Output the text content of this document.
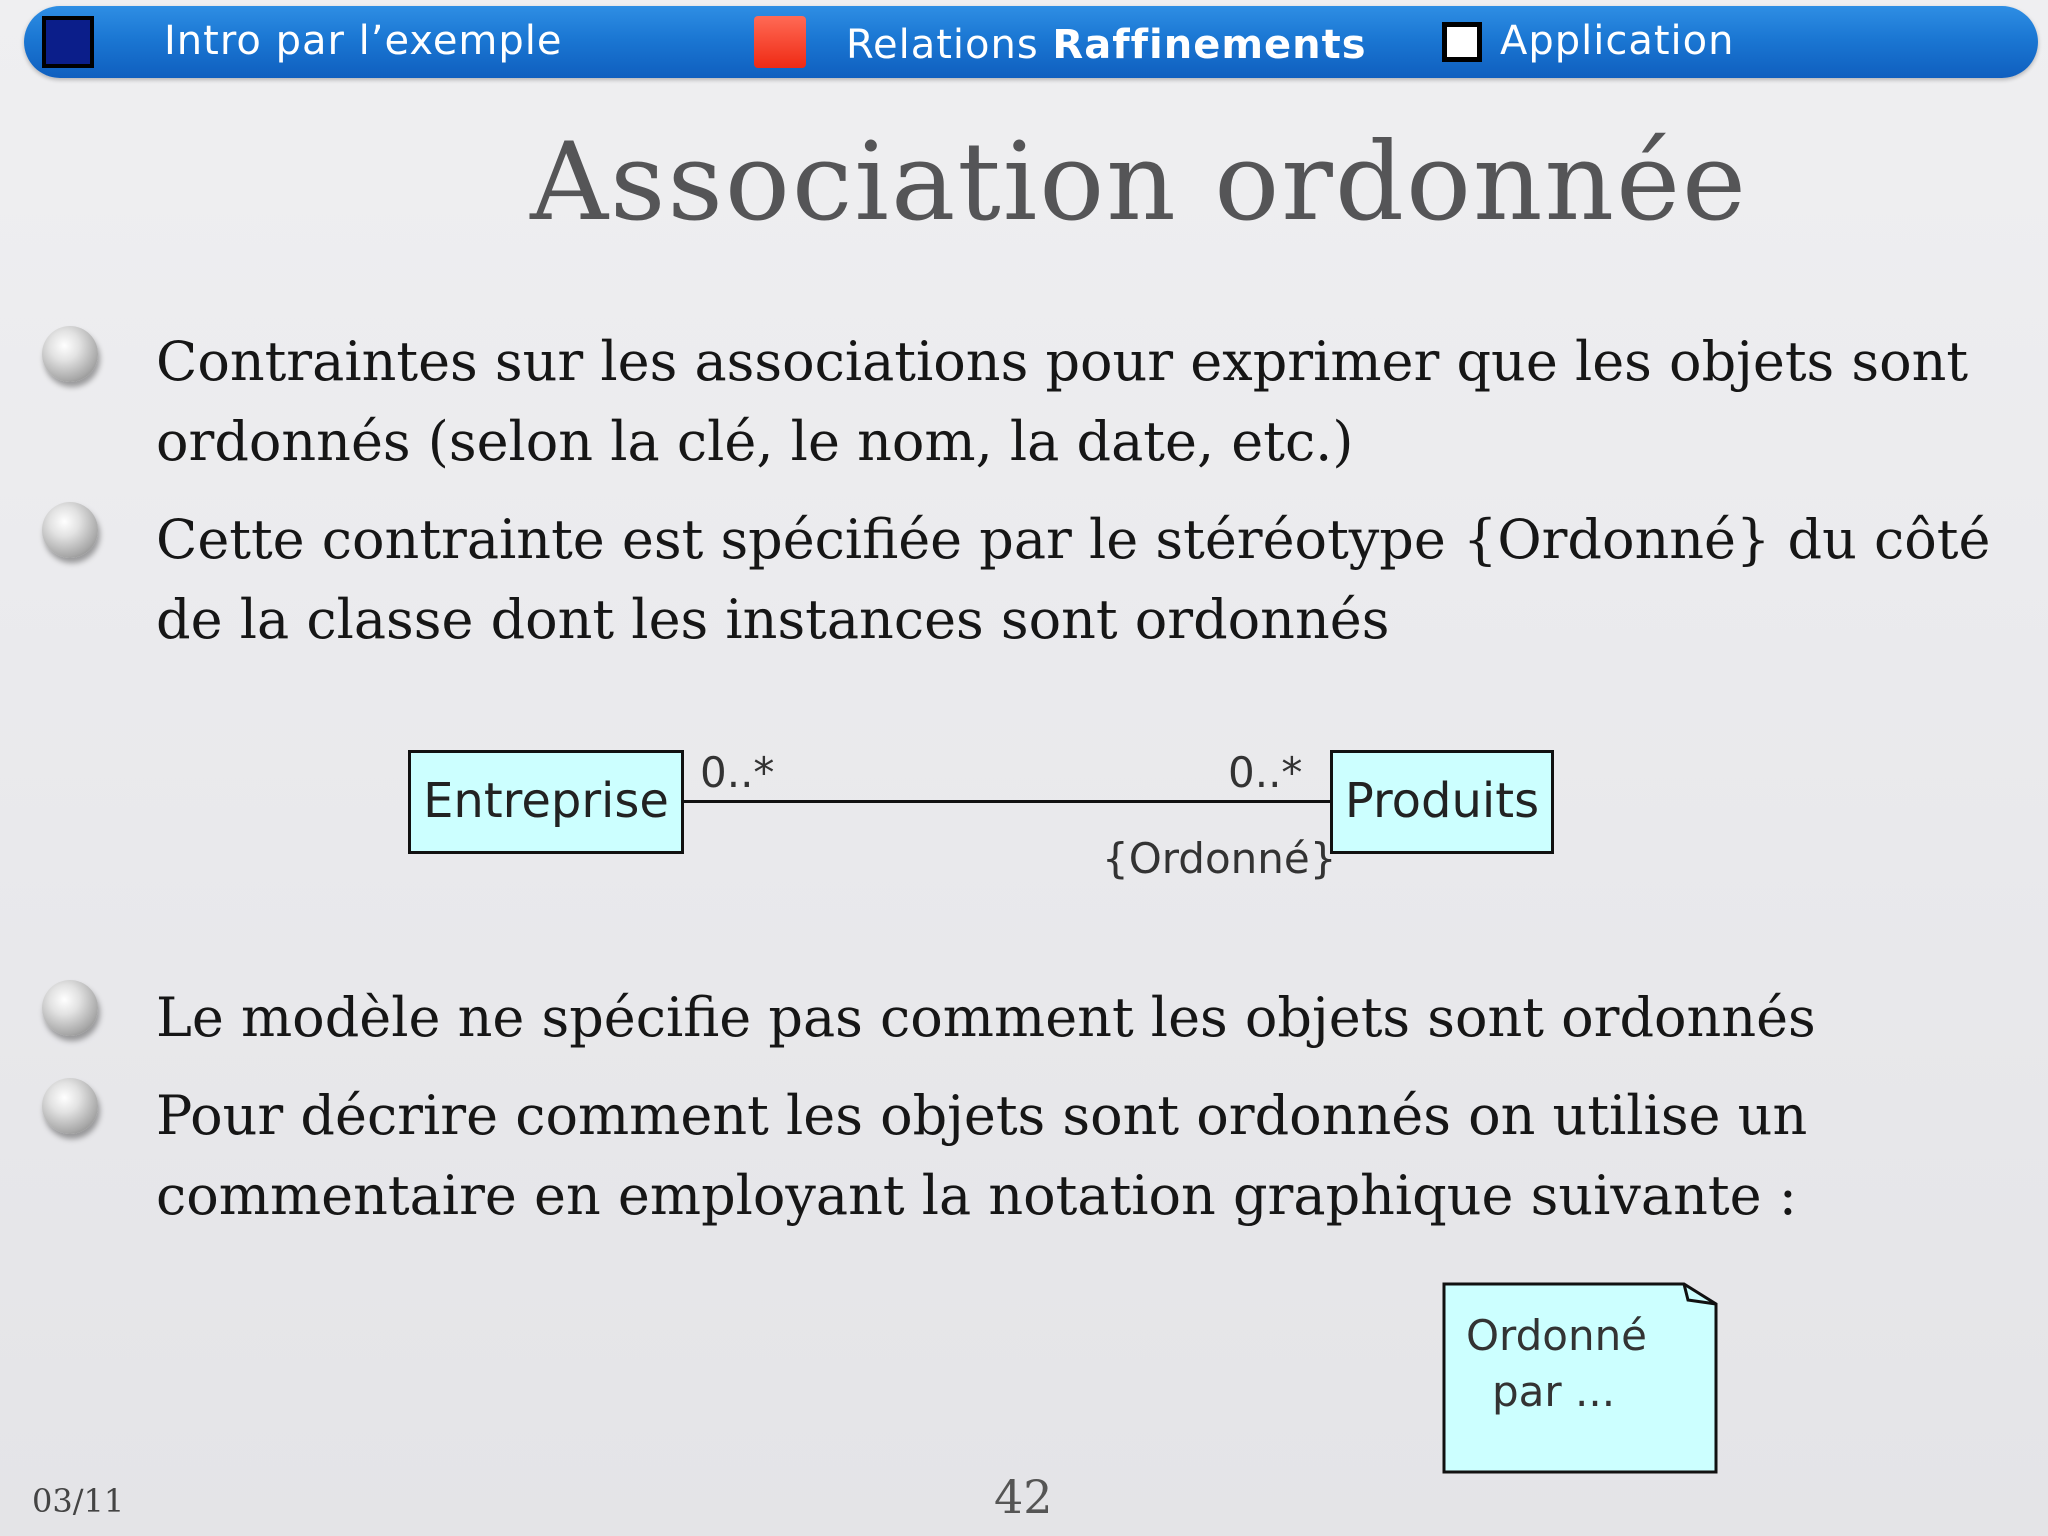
Intro par l’exemple	Relations Raffinements	Application
Association ordonnée
Contraintes sur les associations pour exprimer que les objets sont ordonnés (selon la clé, le nom, la date, etc.)
Cette contrainte est spécifiée par le stéréotype {Ordonné} du côté de la classe dont les instances sont ordonnés
Entreprise	Produits
0..*	0..*
{Ordonné}
Le modèle ne spécifie pas comment les objets sont ordonnés
Pour décrire comment les objets sont ordonnés on utilise un commentaire en employant la notation graphique suivante :
Ordonné
par ...
03/11	42
